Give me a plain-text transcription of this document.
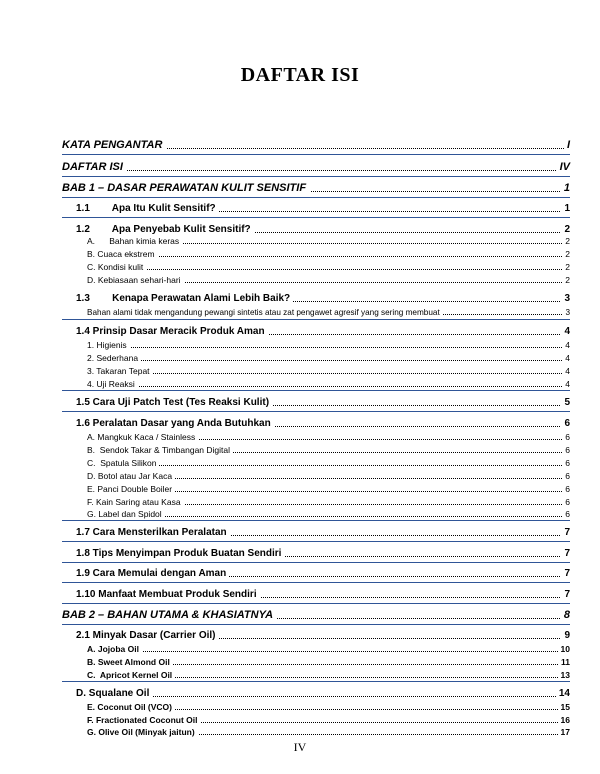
DAFTAR ISI
KATA PENGANTAR	I
DAFTAR ISI	IV
BAB 1 – DASAR PERAWATAN KULIT SENSITIF	1
1.1        Apa Itu Kulit Sensitif?	1
1.2        Apa Penyebab Kulit Sensitif?	2
A.      Bahan kimia keras	2
B. Cuaca ekstrem	2
C. Kondisi kulit	2
D. Kebiasaan sehari-hari	2
1.3        Kenapa Perawatan Alami Lebih Baik?	3
Bahan alami tidak mengandung pewangi sintetis atau zat pengawet agresif yang sering membuat	3
1.4 Prinsip Dasar Meracik Produk Aman	4
1. Higienis	4
2. Sederhana	4
3. Takaran Tepat	4
4. Uji Reaksi	4
1.5 Cara Uji Patch Test (Tes Reaksi Kulit)	5
1.6 Peralatan Dasar yang Anda Butuhkan	6
A. Mangkuk Kaca / Stainless	6
B.  Sendok Takar & Timbangan Digital	6
C.  Spatula Silikon	6
D. Botol atau Jar Kaca	6
E. Panci Double Boiler	6
F. Kain Saring atau Kasa	6
G. Label dan Spidol	6
1.7 Cara Mensterilkan Peralatan	7
1.8 Tips Menyimpan Produk Buatan Sendiri	7
1.9 Cara Memulai dengan Aman	7
1.10 Manfaat Membuat Produk Sendiri	7
BAB 2 – BAHAN UTAMA & KHASIATNYA	8
2.1 Minyak Dasar (Carrier Oil)	9
A. Jojoba Oil	10
B. Sweet Almond Oil	11
C.  Apricot Kernel Oil	13
D. Squalane Oil	14
E. Coconut Oil (VCO)	15
F. Fractionated Coconut Oil	16
G. Olive Oil (Minyak jaitun)	17
IV
